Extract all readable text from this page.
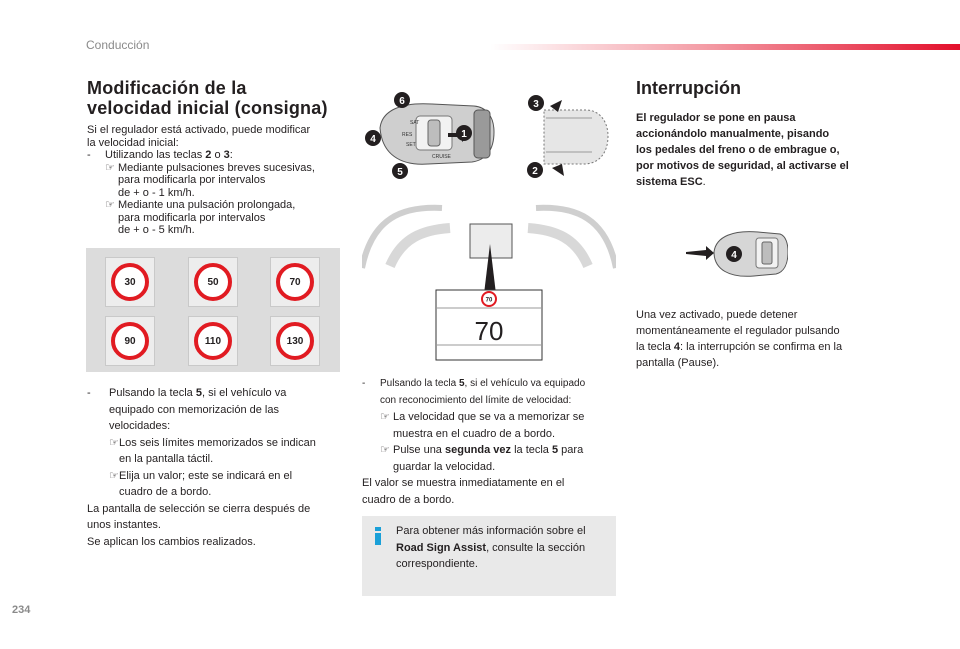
Conducción
234
Modificación de la
velocidad inicial (consigna)

Si el regulador está activado, puede modificar

la velocidad inicial:

- Utilizando las teclas 2 o 3:

☞ Mediante pulsaciones breves sucesivas,

para modificarla por intervalos

de + o - 1 km/h.

☞ Mediante una pulsación prolongada,

para modificarla por intervalos

de + o - 5 km/h.

30	50	70
90	110	130

- Pulsando la tecla 5, si el vehículo va

equipado con memorización de las

velocidades:

☞Los seis límites memorizados se indican

en la pantalla táctil.

☞Elija un valor; este se indicará en el

cuadro de a bordo.

La pantalla de selección se cierra después de

unos instantes.

Se aplican los cambios realizados.

SAT
RES
SET
CRUISE
6
4
5
1
3
2
70
70

- Pulsando la tecla 5, si el vehículo va equipado

con reconocimiento del límite de velocidad:

☞ La velocidad que se va a memorizar se

muestra en el cuadro de a bordo.

☞ Pulse una segunda vez la tecla 5 para

guardar la velocidad.

El valor se muestra inmediatamente en el

cuadro de a bordo.

Para obtener más información sobre el
Road Sign Assist, consulte la sección
correspondiente.
Interrupción
El regulador se pone en pausa
accionándolo manualmente, pisando
los pedales del freno o de embrague o,
por motivos de seguridad, al activarse el
sistema ESC.
4
Una vez activado, puede detener
momentáneamente el regulador pulsando
la tecla 4: la interrupción se confirma en la
pantalla (Pause).
